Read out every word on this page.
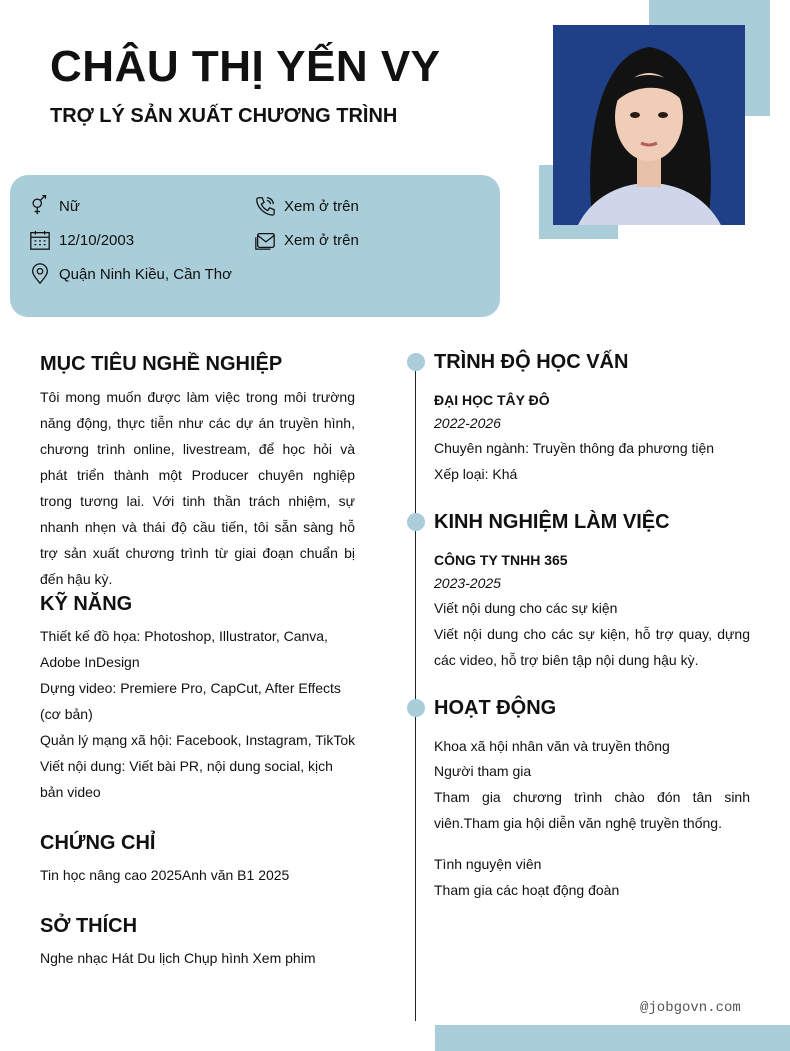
CHÂU THỊ YẾN VY
TRỢ LÝ SẢN XUẤT CHƯƠNG TRÌNH
Nữ
12/10/2003
Quận Ninh Kiều, Cần Thơ
Xem ở trên
Xem ở trên
MỤC TIÊU NGHỀ NGHIỆP
Tôi mong muốn được làm việc trong môi trường năng động, thực tiễn như các dự án truyền hình, chương trình online, livestream, để học hỏi và phát triển thành một Producer chuyên nghiệp trong tương lai. Với tinh thần trách nhiệm, sự nhanh nhẹn và thái độ cầu tiến, tôi sẵn sàng hỗ trợ sản xuất chương trình từ giai đoạn chuẩn bị đến hậu kỳ.
KỸ NĂNG
Thiết kế đồ họa: Photoshop, Illustrator, Canva, Adobe InDesign
Dựng video: Premiere Pro, CapCut, After Effects (cơ bản)
Quản lý mạng xã hội: Facebook, Instagram, TikTok
Viết nội dung: Viết bài PR, nội dung social, kịch bản video
CHỨNG CHỈ
Tin học nâng cao 2025Anh văn B1 2025
SỞ THÍCH
Nghe nhạc Hát Du lịch Chụp hình Xem phim
TRÌNH ĐỘ HỌC VẤN
ĐẠI HỌC TÂY ĐÔ
2022-2026
Chuyên ngành: Truyền thông đa phương tiện
Xếp loại: Khá
KINH NGHIỆM LÀM VIỆC
CÔNG TY TNHH 365
2023-2025
Viết nội dung cho các sự kiện
Viết nội dung cho các sự kiện, hỗ trợ quay, dựng các video, hỗ trợ biên tập nội dung hậu kỳ.
HOẠT ĐỘNG
Khoa xã hội nhân văn và truyền thông
Người tham gia
Tham gia chương trình chào đón tân sinh viên.Tham gia hội diễn văn nghệ truyền thống.
Tình nguyện viên
Tham gia các hoạt động đoàn
@jobgovn.com
